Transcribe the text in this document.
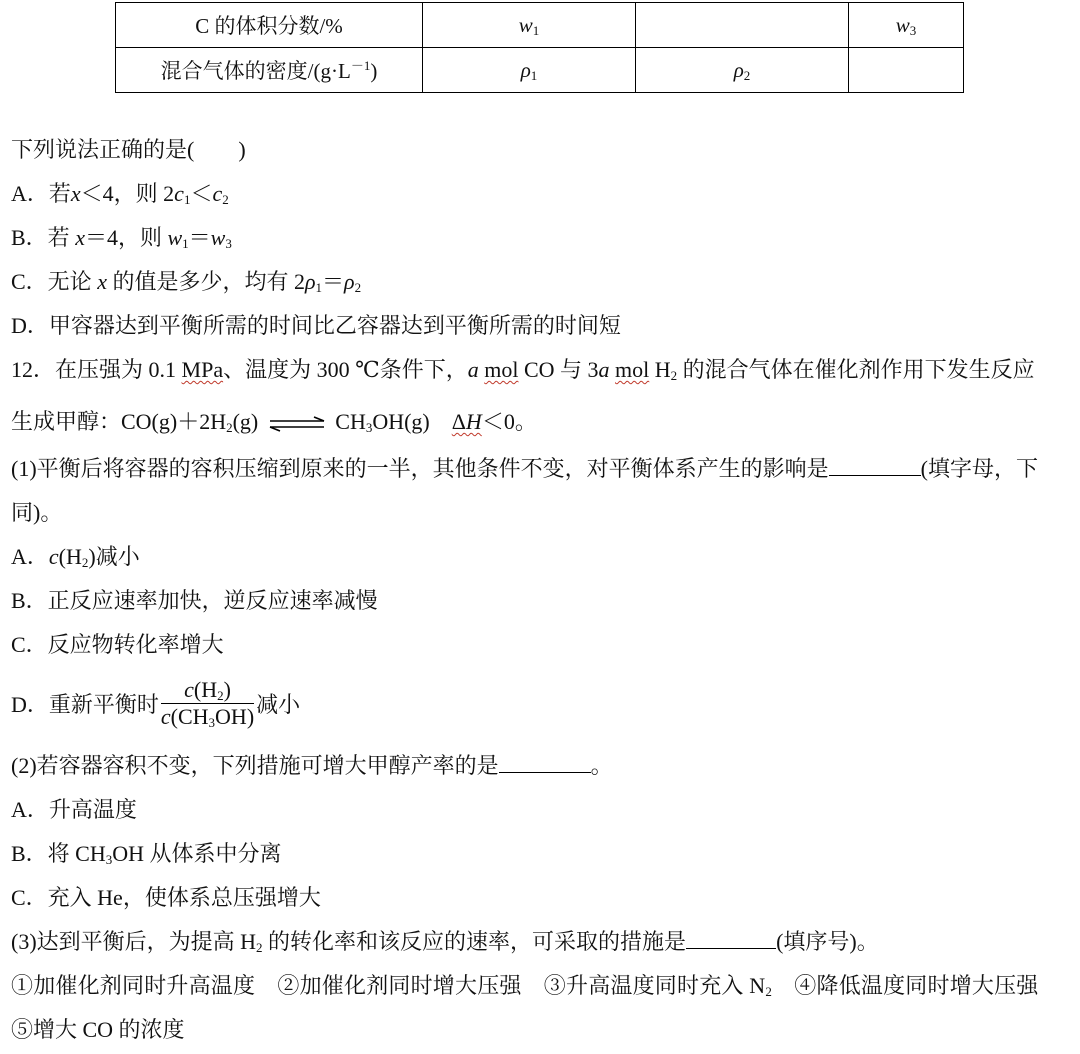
C 的体积分数/%	$w_1$		$w_3$
混合气体的密度$/(g\cdot L^{-1})$	$\rho_1$	$\rho_2$	
下列说法正确的是(　　)
A．若x＜4，则 $2c_1<c_2$
B．若 x＝4，则 $w_1=w_3$
C．无论 x 的值是多少，均有 $2\rho_1=\rho_2$
D．甲容器达到平衡所需的时间比乙容器达到平衡所需的时间短
12．在压强为 0.1 MPa、温度为 300 ℃条件下，a mol CO 与 3a mol $H_2$ 的混合气体在催化剂作用下发生反应
生成甲醇：$CO(g)+2H_2(g)$ ⇌ $CH_3OH(g)$　ΔH＜0。
(1)平衡后将容器的容积压缩到原来的一半，其他条件不变，对平衡体系产生的影响是	(填字母，下
同)。
A．$c(H_2)$减小
B．正反应速率加快，逆反应速率减慢
C．反应物转化率增大
D．重新平衡时 $\frac{c(H_2)}{c(CH_3OH)}$ 减小
(2)若容器容积不变，下列措施可增大甲醇产率的是	。
A．升高温度
B．将 $CH_3OH$ 从体系中分离
C．充入 He，使体系总压强增大
(3)达到平衡后，为提高 $H_2$ 的转化率和该反应的速率，可采取的措施是	(填序号)。
①加催化剂同时升高温度　②加催化剂同时增大压强　③升高温度同时充入 $N_2$　④降低温度同时增大压强
⑤增大 CO 的浓度
